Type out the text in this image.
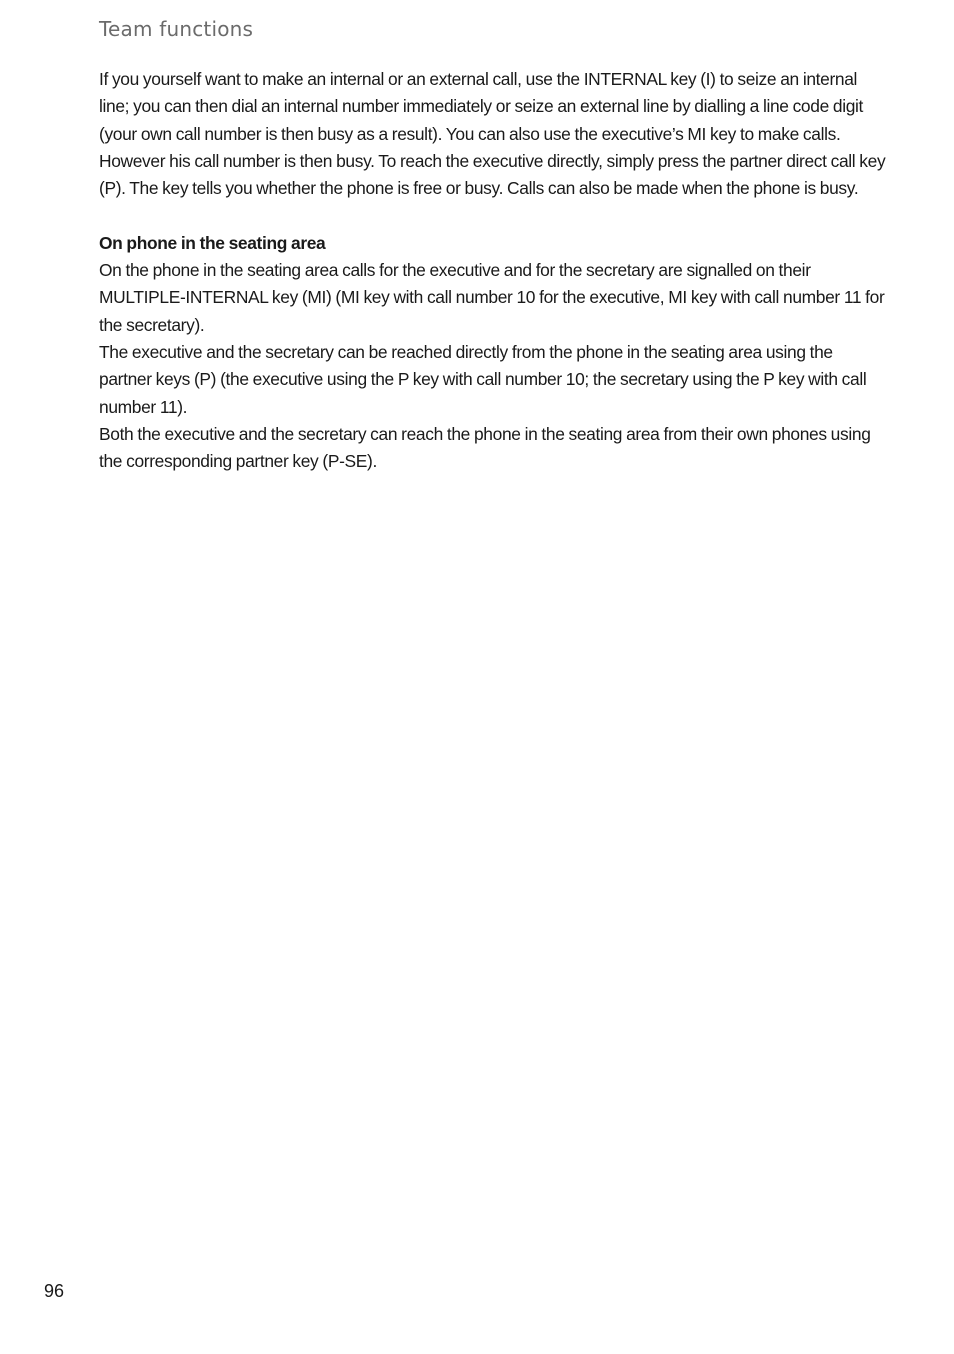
Team functions

If you yourself want to make an internal or an external call, use the INTERNAL key (I) to seize an internal line; you can then dial an internal number immediately or seize an external line by dialling a line code digit (your own call number is then busy as a result). You can also use the executive’s MI key to make calls. However his call number is then busy. To reach the executive directly, simply press the partner direct call key (P). The key tells you whether the phone is free or busy. Calls can also be made when the phone is busy.

On phone in the seating area

On the phone in the seating area calls for the executive and for the secretary are signalled on their MULTIPLE-INTERNAL key (MI) (MI key with call number 10 for the executive, MI key with call number 11 for the secretary).

The executive and the secretary can be reached directly from the phone in the seating area using the partner keys (P) (the executive using the P key with call number 10; the secretary using the P key with call number 11).

Both the executive and the secretary can reach the phone in the seating area from their own phones using the corresponding partner key (P-SE).

96
